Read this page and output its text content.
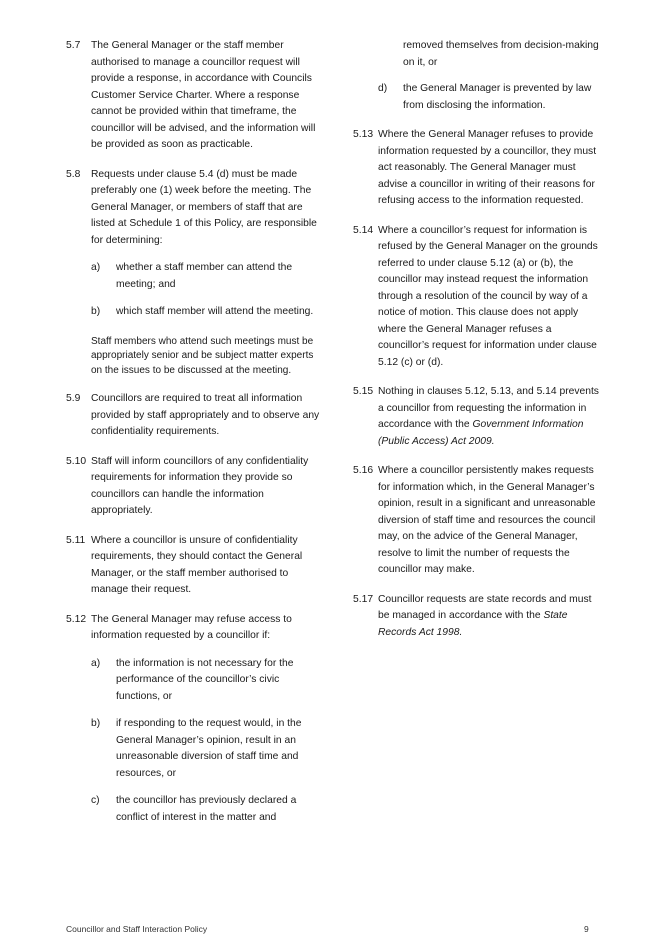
5.7	The General Manager or the staff member authorised to manage a councillor request will provide a response, in accordance with Councils Customer Service Charter. Where a response cannot be provided within that timeframe, the councillor will be advised, and the information will be provided as soon as practicable.

5.8	Requests under clause 5.4 (d) must be made preferably one (1) week before the meeting. The General Manager, or members of staff that are listed at Schedule 1 of this Policy, are responsible for determining:

a)	whether a staff member can attend the meeting; and
b)	which staff member will attend the meeting.

Staff members who attend such meetings must be appropriately senior and be subject matter experts on the issues to be discussed at the meeting.

5.9	Councillors are required to treat all information provided by staff appropriately and to observe any confidentiality requirements.

5.10 Staff will inform councillors of any confidentiality requirements for information they provide so councillors can handle the information appropriately.

5.11 Where a councillor is unsure of confidentiality requirements, they should contact the General Manager, or the staff member authorised to manage their request.

5.12 The General Manager may refuse access to information requested by a councillor if:

a)	the information is not necessary for the performance of the councillor’s civic functions, or
b)	if responding to the request would, in the General Manager’s opinion, result in an unreasonable diversion of staff time and resources, or
c)	the councillor has previously declared a conflict of interest in the matter and
removed themselves from decision-making on it, or
d)	the General Manager is prevented by law from disclosing the information.
5.13 Where the General Manager refuses to provide information requested by a councillor, they must act reasonably. The General Manager must advise a councillor in writing of their reasons for refusing access to the information requested.

5.14 Where a councillor’s request for information is refused by the General Manager on the grounds referred to under clause 5.12 (a) or (b), the councillor may instead request the information through a resolution of the council by way of a notice of motion. This clause does not apply where the General Manager refuses a councillor’s request for information under clause 5.12 (c) or (d).

5.15 Nothing in clauses 5.12, 5.13, and 5.14 prevents a councillor from requesting the information in accordance with the Government Information (Public Access) Act 2009.

5.16 Where a councillor persistently makes requests for information which, in the General Manager’s opinion, result in a significant and unreasonable diversion of staff time and resources the council may, on the advice of the General Manager, resolve to limit the number of requests the councillor may make.

5.17 Councillor requests are state records and must be managed in accordance with the State Records Act 1998.

Councillor and Staff Interaction Policy	9
